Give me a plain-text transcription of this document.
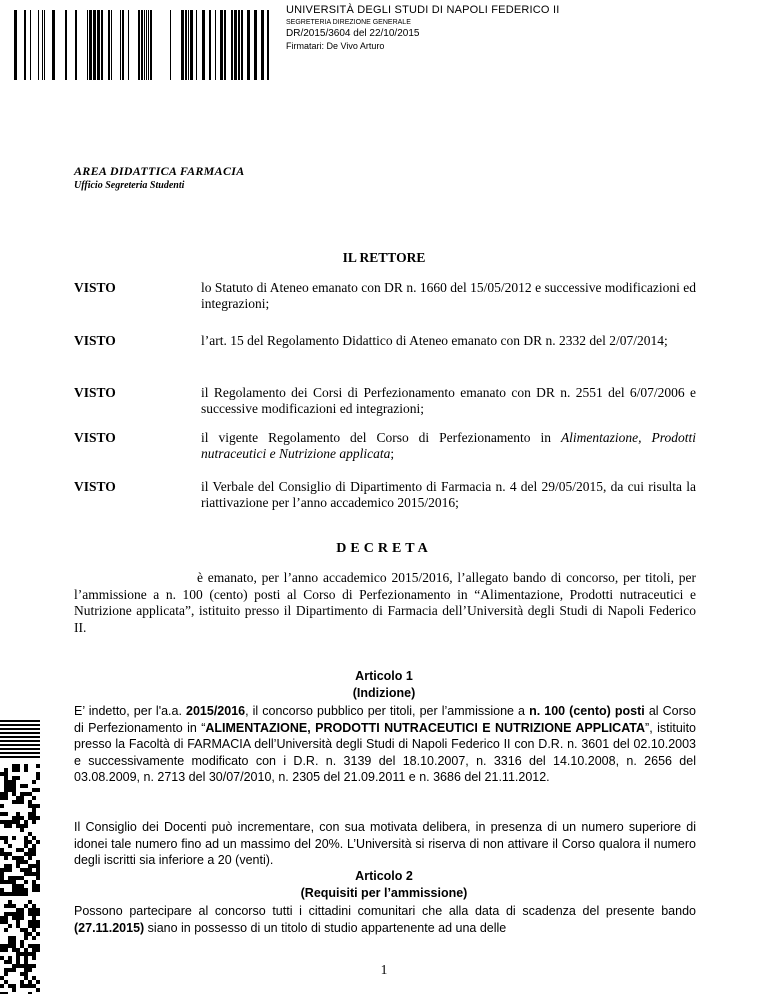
UNIVERSITÀ DEGLI STUDI DI NAPOLI FEDERICO II
SEGRETERIA DIREZIONE GENERALE
DR/2015/3604 del 22/10/2015
Firmatari: De Vivo Arturo
AREA DIDATTICA FARMACIA
Ufficio Segreteria Studenti
IL RETTORE
VISTO	lo Statuto di Ateneo emanato con DR n. 1660 del 15/05/2012 e successive modificazioni ed integrazioni;
VISTO	l’art. 15 del Regolamento Didattico di Ateneo emanato con DR n. 2332 del 2/07/2014;
VISTO	il Regolamento dei Corsi di Perfezionamento emanato con DR n. 2551 del 6/07/2006 e successive modificazioni ed integrazioni;
VISTO	il vigente Regolamento del Corso di Perfezionamento in Alimentazione, Prodotti nutraceutici e Nutrizione applicata;
VISTO	il Verbale del Consiglio di Dipartimento di Farmacia n. 4 del 29/05/2015, da cui risulta la riattivazione per l’anno accademico 2015/2016;
DECRETA
è emanato, per l’anno accademico 2015/2016, l’allegato bando di concorso, per titoli, per l’ammissione a n. 100 (cento) posti al Corso di Perfezionamento in “Alimentazione, Prodotti nutraceutici e Nutrizione applicata”, istituito presso il Dipartimento di Farmacia dell’Università degli Studi di Napoli Federico II.
Articolo 1
(Indizione)
E’ indetto, per l'a.a. 2015/2016, il concorso pubblico per titoli, per l’ammissione a n. 100 (cento) posti al Corso di Perfezionamento in “ALIMENTAZIONE, PRODOTTI NUTRACEUTICI E NUTRIZIONE APPLICATA”, istituito presso la Facoltà di FARMACIA dell’Università degli Studi di Napoli Federico II con D.R. n. 3601 del 02.10.2003 e successivamente modificato con i D.R. n. 3139 del 18.10.2007, n. 3316 del 14.10.2008, n. 2656 del 03.08.2009, n. 2713 del 30/07/2010, n. 2305 del 21.09.2011 e n. 3686 del 21.11.2012.
Il Consiglio dei Docenti può incrementare, con sua motivata delibera, in presenza di un numero superiore di idonei tale numero fino ad un massimo del 20%. L’Università si riserva di non attivare il Corso qualora il numero degli iscritti sia inferiore a 20 (venti).
Articolo 2
(Requisiti per l’ammissione)
Possono partecipare al concorso tutti i cittadini comunitari che alla data di scadenza del presente bando (27.11.2015) siano in possesso di un titolo di studio appartenente ad una delle
1
